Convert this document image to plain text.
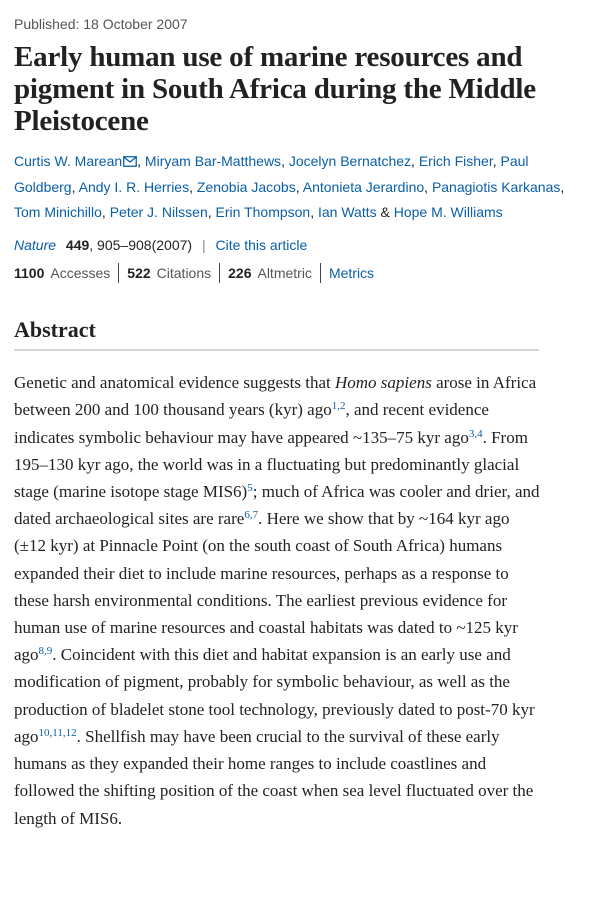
Published: 18 October 2007
Early human use of marine resources and pigment in South Africa during the Middle Pleistocene
Curtis W. Marean , Miryam Bar-Matthews, Jocelyn Bernatchez, Erich Fisher, Paul Goldberg, Andy I. R. Herries, Zenobia Jacobs, Antonieta Jerardino, Panagiotis Karkanas, Tom Minichillo, Peter J. Nilssen, Erin Thompson, Ian Watts & Hope M. Williams
Nature 449, 905–908(2007) | Cite this article
1100 Accesses 522 Citations 226 Altmetric Metrics
Abstract

Genetic and anatomical evidence suggests that Homo sapiens arose in Africa between 200 and 100 thousand years (kyr) ago$^{1,2}$, and recent evidence indicates symbolic behaviour may have appeared ~135–75 kyr ago$^{3,4}$. From 195–130 kyr ago, the world was in a fluctuating but predominantly glacial stage (marine isotope stage MIS6)$^5$; much of Africa was cooler and drier, and dated archaeological sites are rare$^{6,7}$. Here we show that by ~164 kyr ago (±12 kyr) at Pinnacle Point (on the south coast of South Africa) humans expanded their diet to include marine resources, perhaps as a response to these harsh environmental conditions. The earliest previous evidence for human use of marine resources and coastal habitats was dated to ~125 kyr ago$^{8,9}$. Coincident with this diet and habitat expansion is an early use and modification of pigment, probably for symbolic behaviour, as well as the production of bladelet stone tool technology, previously dated to post-70 kyr ago$^{10,11,12}$. Shellfish may have been crucial to the survival of these early humans as they expanded their home ranges to include coastlines and followed the shifting position of the coast when sea level fluctuated over the length of MIS6.
